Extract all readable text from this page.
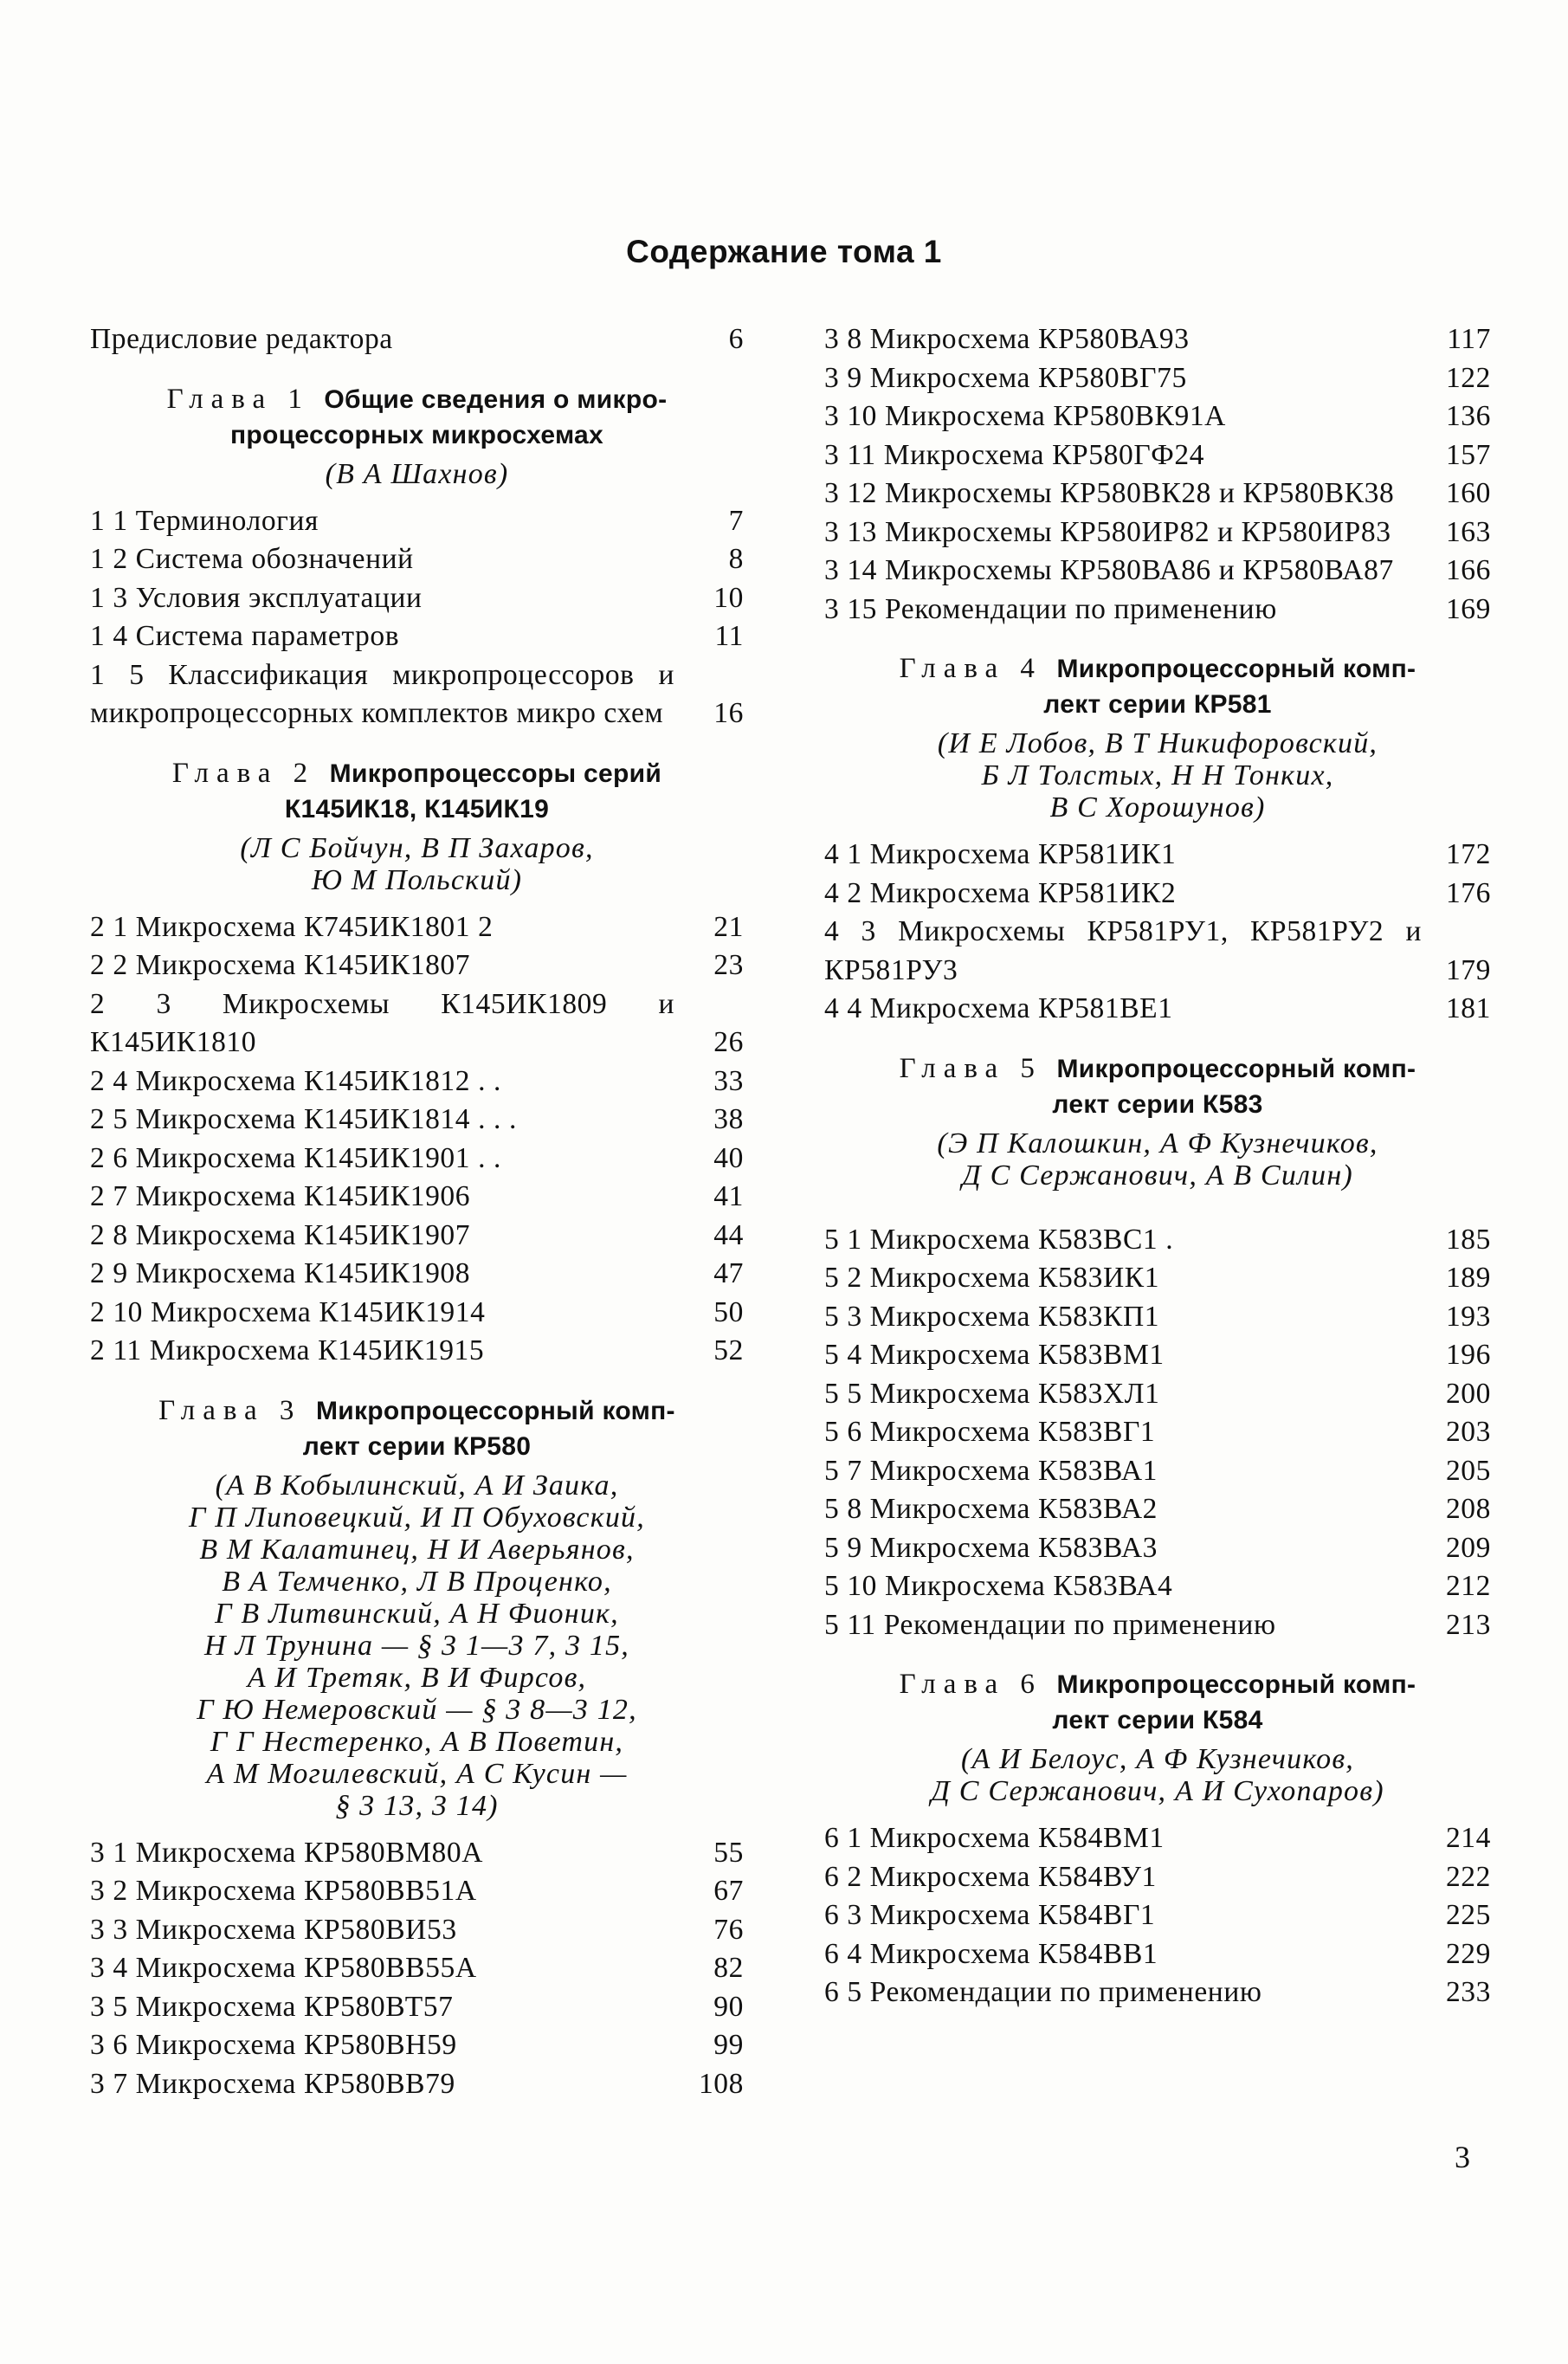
Содержание тома 1
Предисловие редактора	6
Глава 1 Общие сведения о микро-
процессорных микросхемах
(В А Шахнов)
1 1 Терминология	7
1 2 Система обозначений	8
1 3 Условия эксплуатации	10
1 4 Система параметров	11
1 5 Классификация микропроцессоров и микропроцессорных комплектов микро схем	16
Глава 2 Микропроцессоры серий
К145ИК18, К145ИК19
(Л С Бойчун, В П Захаров,
Ю М Польский)
2 1 Микросхема К745ИК1801 2	21
2 2 Микросхема К145ИК1807	23
2 3 Микросхемы К145ИК1809 и К145ИК1810	26
2 4 Микросхема К145ИК1812 . .	33
2 5 Микросхема К145ИК1814 . . .	38
2 6 Микросхема К145ИК1901 . .	40
2 7 Микросхема К145ИК1906	41
2 8 Микросхема К145ИК1907	44
2 9 Микросхема К145ИК1908	47
2 10 Микросхема К145ИК1914	50
2 11 Микросхема К145ИК1915	52
Глава 3 Микропроцессорный комп-
лект серии КР580
(А В Кобылинский, А И Заика,
Г П Липовецкий, И П Обуховский,
В М Калатинец, Н И Аверьянов,
В А Темченко, Л В Проценко,
Г В Литвинский, А Н Фионик,
Н Л Трунина — § 3 1—3 7, 3 15,
А И Третяк, В И Фирсов,
Г Ю Немеровский — § 3 8—3 12,
Г Г Нестеренко, А В Поветин,
А М Могилевский, А С Кусин —
§ 3 13, 3 14)
3 1 Микросхема КР580ВМ80А	55
3 2 Микросхема КР580ВВ51А	67
3 3 Микросхема КР580ВИ53	76
3 4 Микросхема КР580ВВ55А	82
3 5 Микросхема КР580ВТ57	90
3 6 Микросхема КР580ВН59	99
3 7 Микросхема КР580ВВ79	108
3 8 Микросхема КР580ВА93	117
3 9 Микросхема КР580ВГ75	122
3 10 Микросхема КР580ВК91А	136
3 11 Микросхема КР580ГФ24	157
3 12 Микросхемы КР580ВК28 и КР580ВК38	160
3 13 Микросхемы КР580ИР82 и КР580ИР83	163
3 14 Микросхемы КР580ВА86 и КР580ВА87	166
3 15 Рекомендации по применению	169
Глава 4 Микропроцессорный комп-
лект серии КР581
(И Е Лобов, В Т Никифоровский,
Б Л Толстых, Н Н Тонких,
В С Хорошунов)
4 1 Микросхема КР581ИК1	172
4 2 Микросхема КР581ИК2	176
4 3 Микросхемы КР581РУ1, КР581РУ2 и КР581РУ3	179
4 4 Микросхема КР581ВЕ1	181
Глава 5 Микропроцессорный комп-
лект серии К583
(Э П Калошкин, А Ф Кузнечиков,
Д С Сержанович, А В Силин)
5 1 Микросхема К583ВС1 .	185
5 2 Микросхема К583ИК1	189
5 3 Микросхема К583КП1	193
5 4 Микросхема К583ВМ1	196
5 5 Микросхема К583ХЛ1	200
5 6 Микросхема К583ВГ1	203
5 7 Микросхема К583ВА1	205
5 8 Микросхема К583ВА2	208
5 9 Микросхема К583ВА3	209
5 10 Микросхема К583ВА4	212
5 11 Рекомендации по применению	213
Глава 6 Микропроцессорный комп-
лект серии К584
(А И Белоус, А Ф Кузнечиков,
Д С Сержанович, А И Сухопаров)
6 1 Микросхема К584ВМ1	214
6 2 Микросхема К584ВУ1	222
6 3 Микросхема К584ВГ1	225
6 4 Микросхема К584ВВ1	229
6 5 Рекомендации по применению	233
3
